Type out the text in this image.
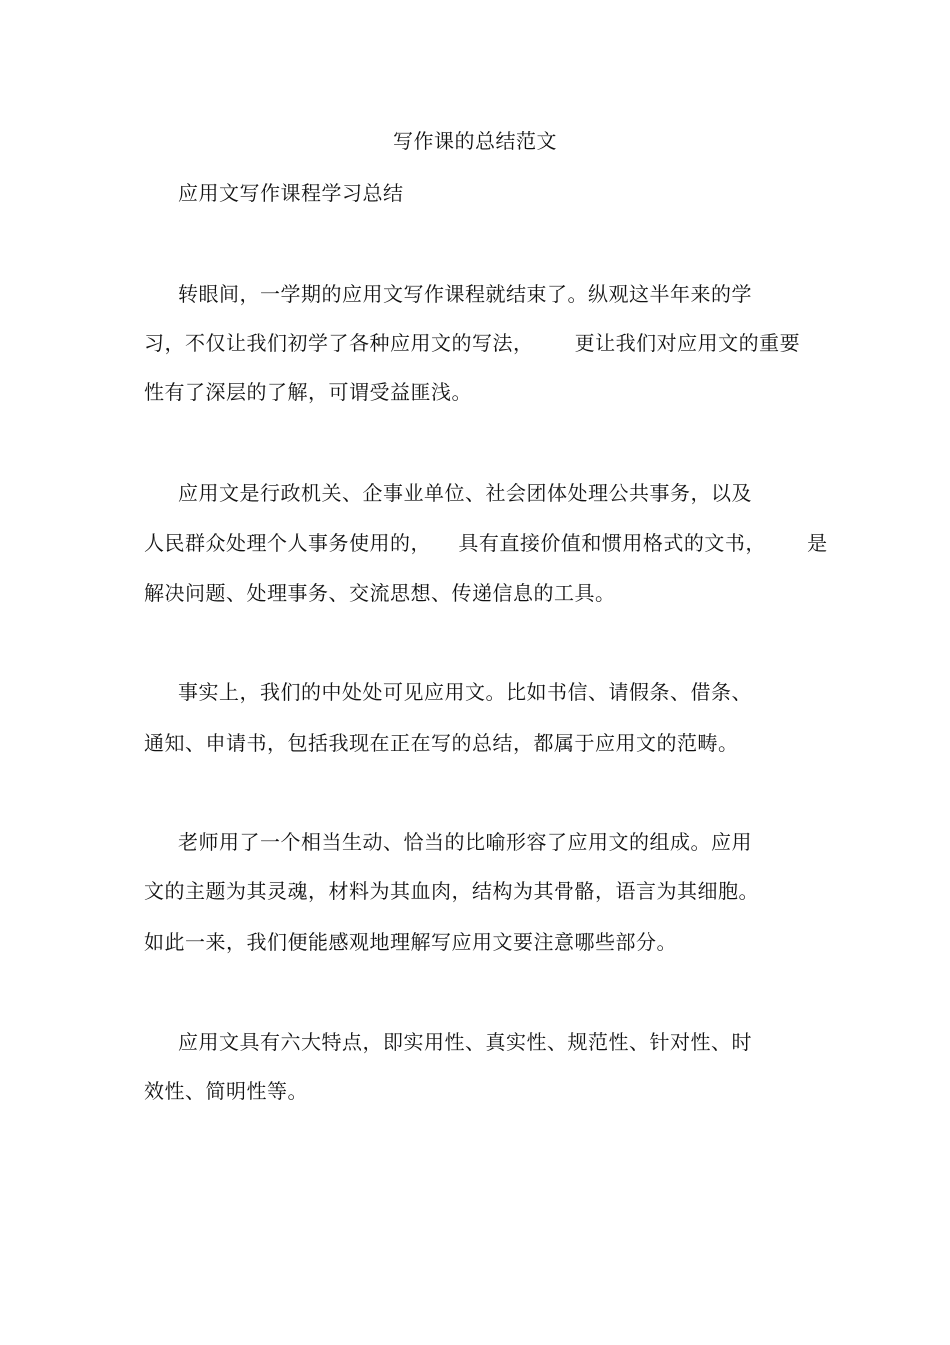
写作课的总结范文

应用文写作课程学习总结

转眼间，一学期的应用文写作课程就结束了。纵观这半年来的学

习，不仅让我们初学了各种应用文的写法，      更让我们对应用文的重要

性有了深层的了解，可谓受益匪浅。

应用文是行政机关、企事业单位、社会团体处理公共事务，以及

人民群众处理个人事务使用的，    具有直接价值和惯用格式的文书，      是

解决问题、处理事务、交流思想、传递信息的工具。

事实上，我们的中处处可见应用文。比如书信、请假条、借条、

通知、申请书，包括我现在正在写的总结，都属于应用文的范畴。

老师用了一个相当生动、恰当的比喻形容了应用文的组成。应用

文的主题为其灵魂，材料为其血肉，结构为其骨骼，语言为其细胞。

如此一来，我们便能感观地理解写应用文要注意哪些部分。

应用文具有六大特点，即实用性、真实性、规范性、针对性、时

效性、简明性等。
